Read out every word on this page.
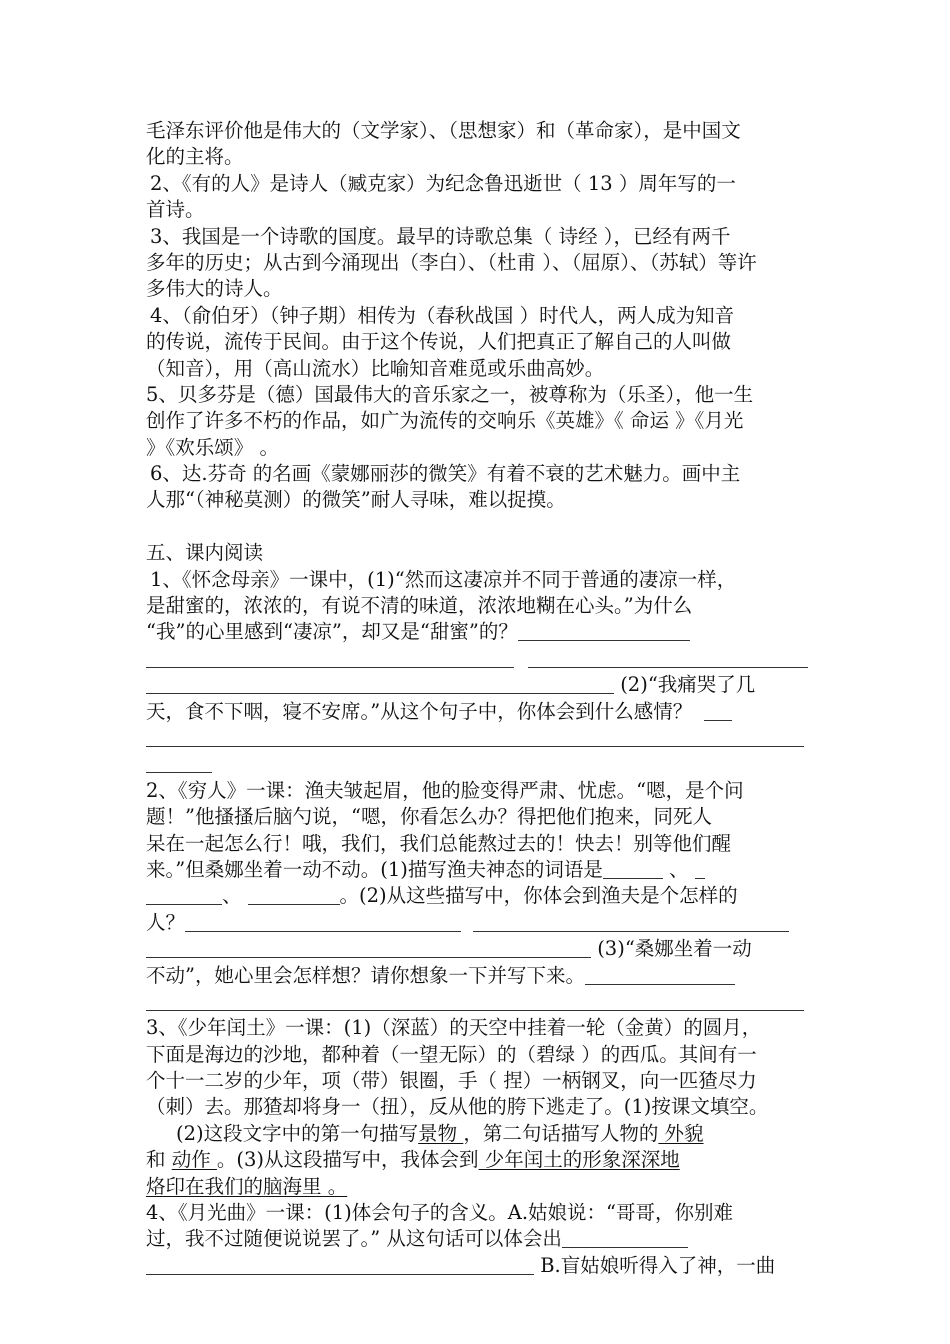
毛泽东评价他是伟大的（文学家）、（思想家）和（革命家），是中国文
化的主将。
2、《有的人》是诗人（臧克家）为纪念鲁迅逝世（ 13 ）周年写的一
首诗。
3、我国是一个诗歌的国度。最早的诗歌总集（ 诗经 ），已经有两千
多年的历史；从古到今涌现出（李白）、（杜甫 ）、（屈原）、（苏轼）等许
多伟大的诗人。
4、（俞伯牙）（钟子期）相传为（春秋战国 ）时代人，两人成为知音
的传说，流传于民间。由于这个传说，人们把真正了解自己的人叫做
（知音），用（高山流水）比喻知音难觅或乐曲高妙。
5、贝多芬是（德）国最伟大的音乐家之一，被尊称为（乐圣），他一生
创作了许多不朽的作品，如广为流传的交响乐《英雄》《 命运 》《月光
》《欢乐颂》 。
6、达.芬奇 的名画《蒙娜丽莎的微笑》有着不衰的艺术魅力。画中主
人那“（神秘莫测）的微笑”耐人寻味，难以捉摸。
五、课内阅读
1、《怀念母亲》一课中，(1)“然而这凄凉并不同于普通的凄凉一样，
是甜蜜的，浓浓的，有说不清的味道，浓浓地糊在心头。”为什么
“我”的心里感到“凄凉”，却又是“甜蜜”的？

(2)“我痛哭了几
天，食不下咽，寝不安席。”从这个句子中，你体会到什么感情？
2、《穷人》一课：渔夫皱起眉，他的脸变得严肃、忧虑。“嗯，是个问
题！”他搔搔后脑勺说，“嗯，你看怎么办？得把他们抱来，同死人
呆在一起怎么行！哦，我们，我们总能熬过去的！快去！别等他们醒
来。”但桑娜坐着一动不动。(1)描写渔夫神态的词语是	、
、	。(2)从这些描写中，你体会到渔夫是个怎样的
人？
(3)“桑娜坐着一动
不动”，她心里会怎样想？请你想象一下并写下来。
3、《少年闰土》一课：(1)（深蓝）的天空中挂着一轮（金黄）的圆月，
下面是海边的沙地，都种着（一望无际）的（碧绿 ）的西瓜。其间有一
个十一二岁的少年，项（带）银圈，手（ 捏）一柄钢叉，向一匹猹尽力
（刺）去。那猹却将身一（扭），反从他的胯下逃走了。(1)按课文填空。
(2)这段文字中的第一句描写景物 ，第二句话描写人物的 外貌
和 动作 。(3)从这段描写中，我体会到 少年闰土的形象深深地
烙印在我们的脑海里 。
4、《月光曲》一课：(1)体会句子的含义。A.姑娘说：“哥哥，你别难
过，我不过随便说说罢了。” 从这句话可以体会出
B.盲姑娘听得入了神，一曲
